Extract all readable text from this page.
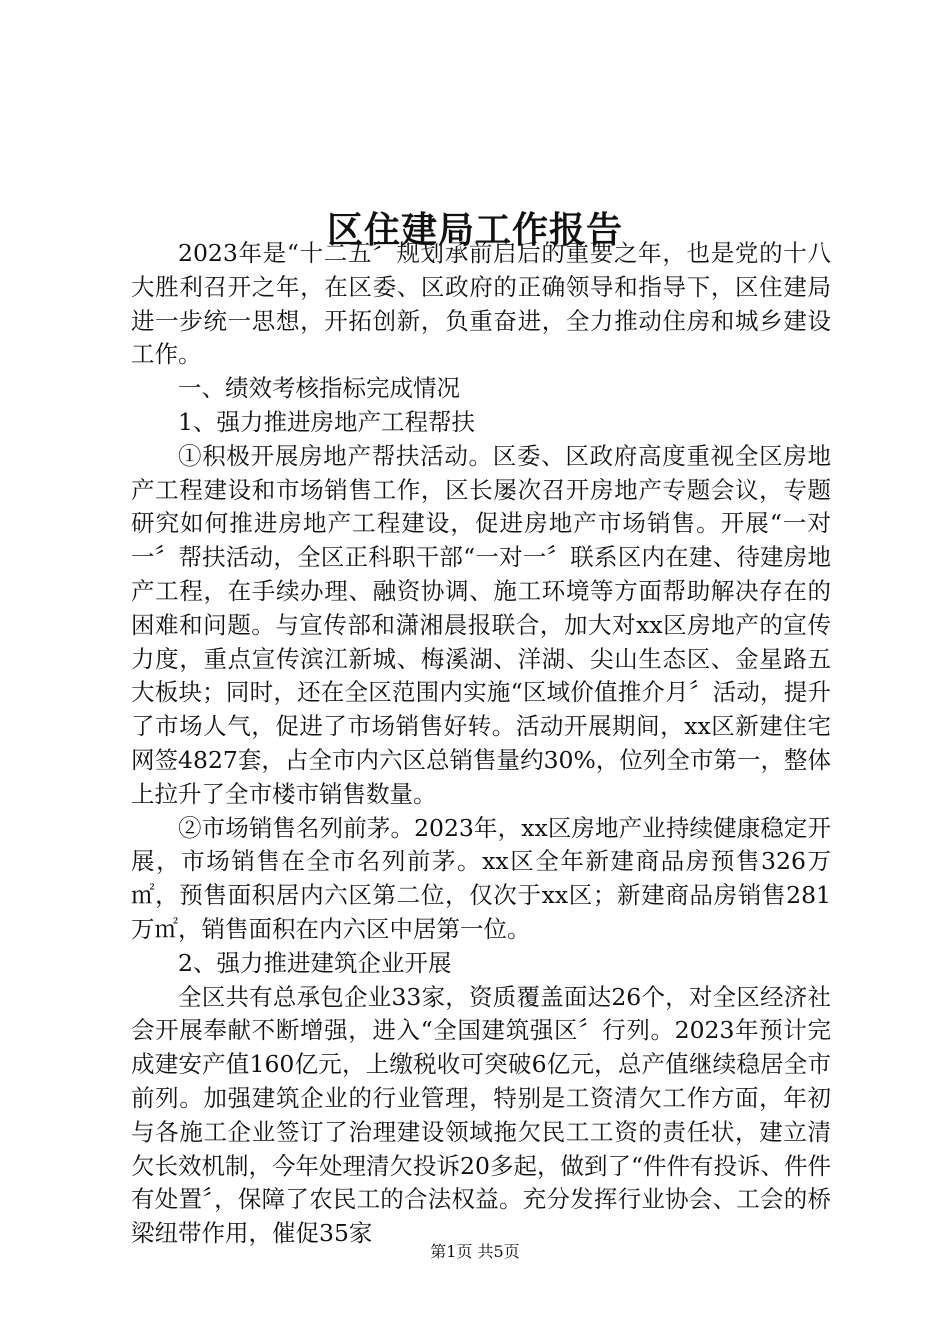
区住建局工作报告

2023年是“十二五〞规划承前启后的重要之年，也是党的十八大胜利召开之年，在区委、区政府的正确领导和指导下，区住建局进一步统一思想，开拓创新，负重奋进，全力推动住房和城乡建设工作。

一、绩效考核指标完成情况

1、强力推进房地产工程帮扶

①积极开展房地产帮扶活动。区委、区政府高度重视全区房地产工程建设和市场销售工作，区长屡次召开房地产专题会议，专题研究如何推进房地产工程建设，促进房地产市场销售。开展“一对一〞帮扶活动，全区正科职干部“一对一〞联系区内在建、待建房地产工程，在手续办理、融资协调、施工环境等方面帮助解决存在的困难和问题。与宣传部和潇湘晨报联合，加大对xx区房地产的宣传力度，重点宣传滨江新城、梅溪湖、洋湖、尖山生态区、金星路五大板块；同时，还在全区范围内实施“区域价值推介月〞活动，提升了市场人气，促进了市场销售好转。活动开展期间，xx区新建住宅网签4827套，占全市内六区总销售量约30%，位列全市第一，整体上拉升了全市楼市销售数量。

②市场销售名列前茅。2023年，xx区房地产业持续健康稳定开展，市场销售在全市名列前茅。xx区全年新建商品房预售326万㎡，预售面积居内六区第二位，仅次于xx区；新建商品房销售281万㎡，销售面积在内六区中居第一位。

2、强力推进建筑企业开展

全区共有总承包企业33家，资质覆盖面达26个，对全区经济社会开展奉献不断增强，进入“全国建筑强区〞行列。2023年预计完成建安产值160亿元，上缴税收可突破6亿元，总产值继续稳居全市前列。加强建筑企业的行业管理，特别是工资清欠工作方面，年初与各施工企业签订了治理建设领域拖欠民工工资的责任状，建立清欠长效机制，今年处理清欠投诉20多起，做到了“件件有投诉、件件有处置〞，保障了农民工的合法权益。充分发挥行业协会、工会的桥梁纽带作用，催促35家

第1页 共5页
